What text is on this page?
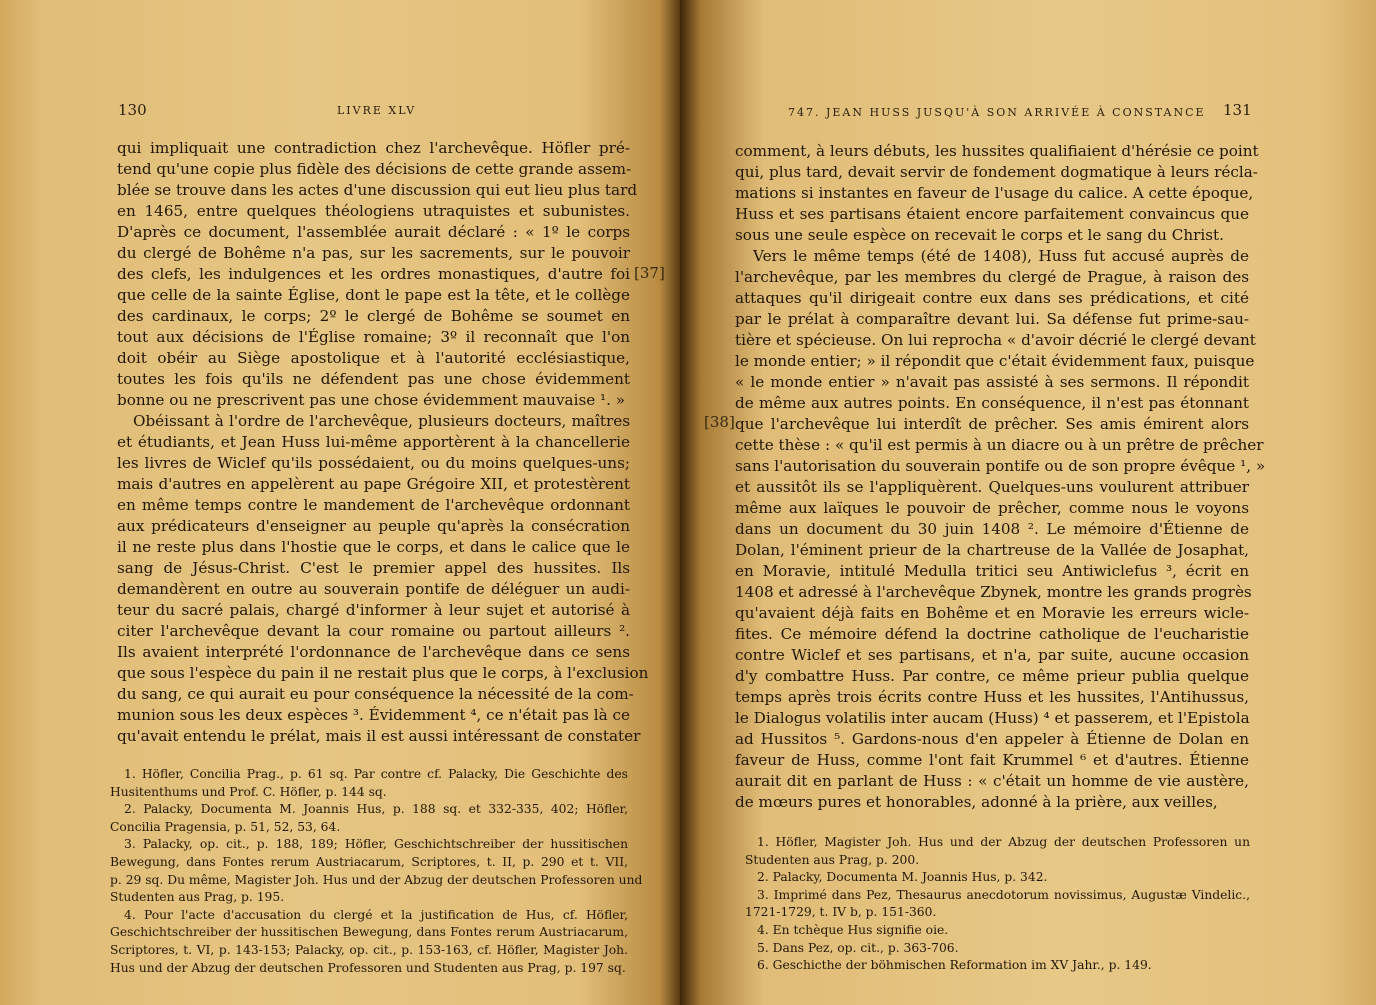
130	LIVRE XLV
[37]
qui impliquait une contradiction chez l'archevêque. Höfler pré-
tend qu'une copie plus fidèle des décisions de cette grande assem-
blée se trouve dans les actes d'une discussion qui eut lieu plus tard
en 1465, entre quelques théologiens utraquistes et subunistes.
D'après ce document, l'assemblée aurait déclaré : « 1º le corps
du clergé de Bohême n'a pas, sur les sacrements, sur le pouvoir
des clefs, les indulgences et les ordres monastiques, d'autre foi
que celle de la sainte Église, dont le pape est la tête, et le collège
des cardinaux, le corps; 2º le clergé de Bohême se soumet en
tout aux décisions de l'Église romaine; 3º il reconnaît que l'on
doit obéir au Siège apostolique et à l'autorité ecclésiastique,
toutes les fois qu'ils ne défendent pas une chose évidemment
bonne ou ne prescrivent pas une chose évidemment mauvaise ¹. »
Obéissant à l'ordre de l'archevêque, plusieurs docteurs, maîtres
et étudiants, et Jean Huss lui-même apportèrent à la chancellerie
les livres de Wiclef qu'ils possédaient, ou du moins quelques-uns;
mais d'autres en appelèrent au pape Grégoire XII, et protestèrent
en même temps contre le mandement de l'archevêque ordonnant
aux prédicateurs d'enseigner au peuple qu'après la consécration
il ne reste plus dans l'hostie que le corps, et dans le calice que le
sang de Jésus-Christ. C'est le premier appel des hussites. Ils
demandèrent en outre au souverain pontife de déléguer un audi-
teur du sacré palais, chargé d'informer à leur sujet et autorisé à
citer l'archevêque devant la cour romaine ou partout ailleurs ².
Ils avaient interprété l'ordonnance de l'archevêque dans ce sens
que sous l'espèce du pain il ne restait plus que le corps, à l'exclusion
du sang, ce qui aurait eu pour conséquence la nécessité de la com-
munion sous les deux espèces ³. Évidemment ⁴, ce n'était pas là ce
qu'avait entendu le prélat, mais il est aussi intéressant de constater
1. Höfler, Concilia Prag., p. 61 sq. Par contre cf. Palacky, Die Geschichte des
Husitenthums und Prof. C. Höfler, p. 144 sq.
2. Palacky, Documenta M. Joannis Hus, p. 188 sq. et 332-335, 402; Höfler,
Concilia Pragensia, p. 51, 52, 53, 64.
3. Palacky, op. cit., p. 188, 189; Höfler, Geschichtschreiber der hussitischen
Bewegung, dans Fontes rerum Austriacarum, Scriptores, t. II, p. 290 et t. VII,
p. 29 sq. Du même, Magister Joh. Hus und der Abzug der deutschen Professoren und
Studenten aus Prag, p. 195.
4. Pour l'acte d'accusation du clergé et la justification de Hus, cf. Höfler,
Geschichtschreiber der hussitischen Bewegung, dans Fontes rerum Austriacarum,
Scriptores, t. VI, p. 143-153; Palacky, op. cit., p. 153-163, cf. Höfler, Magister Joh.
Hus und der Abzug der deutschen Professoren und Studenten aus Prag, p. 197 sq.
747. JEAN HUSS JUSQU'À SON ARRIVÉE À CONSTANCE 131
[38]
comment, à leurs débuts, les hussites qualifiaient d'hérésie ce point
qui, plus tard, devait servir de fondement dogmatique à leurs récla-
mations si instantes en faveur de l'usage du calice. A cette époque,
Huss et ses partisans étaient encore parfaitement convaincus que
sous une seule espèce on recevait le corps et le sang du Christ.
Vers le même temps (été de 1408), Huss fut accusé auprès de
l'archevêque, par les membres du clergé de Prague, à raison des
attaques qu'il dirigeait contre eux dans ses prédications, et cité
par le prélat à comparaître devant lui. Sa défense fut prime-sau-
tière et spécieuse. On lui reprocha « d'avoir décrié le clergé devant
le monde entier; » il répondit que c'était évidemment faux, puisque
« le monde entier » n'avait pas assisté à ses sermons. Il répondit
de même aux autres points. En conséquence, il n'est pas étonnant
que l'archevêque lui interdît de prêcher. Ses amis émirent alors
cette thèse : « qu'il est permis à un diacre ou à un prêtre de prêcher
sans l'autorisation du souverain pontife ou de son propre évêque ¹, »
et aussitôt ils se l'appliquèrent. Quelques-uns voulurent attribuer
même aux laïques le pouvoir de prêcher, comme nous le voyons
dans un document du 30 juin 1408 ². Le mémoire d'Étienne de
Dolan, l'éminent prieur de la chartreuse de la Vallée de Josaphat,
en Moravie, intitulé Medulla tritici seu Antiwiclefus ³, écrit en
1408 et adressé à l'archevêque Zbynek, montre les grands progrès
qu'avaient déjà faits en Bohême et en Moravie les erreurs wicle-
fites. Ce mémoire défend la doctrine catholique de l'eucharistie
contre Wiclef et ses partisans, et n'a, par suite, aucune occasion
d'y combattre Huss. Par contre, ce même prieur publia quelque
temps après trois écrits contre Huss et les hussites, l'Antihussus,
le Dialogus volatilis inter aucam (Huss) ⁴ et passerem, et l'Epistola
ad Hussitos ⁵. Gardons-nous d'en appeler à Étienne de Dolan en
faveur de Huss, comme l'ont fait Krummel ⁶ et d'autres. Étienne
aurait dit en parlant de Huss : « c'était un homme de vie austère,
de mœurs pures et honorables, adonné à la prière, aux veilles,
1. Höfler, Magister Joh. Hus und der Abzug der deutschen Professoren un
Studenten aus Prag, p. 200.
2. Palacky, Documenta M. Joannis Hus, p. 342.
3. Imprimé dans Pez, Thesaurus anecdotorum novissimus, Augustæ Vindelic.,
1721-1729, t. IV b, p. 151-360.
4. En tchèque Hus signifie oie.
5. Dans Pez, op. cit., p. 363-706.
6. Geschicthe der böhmischen Reformation im XV Jahr., p. 149.
